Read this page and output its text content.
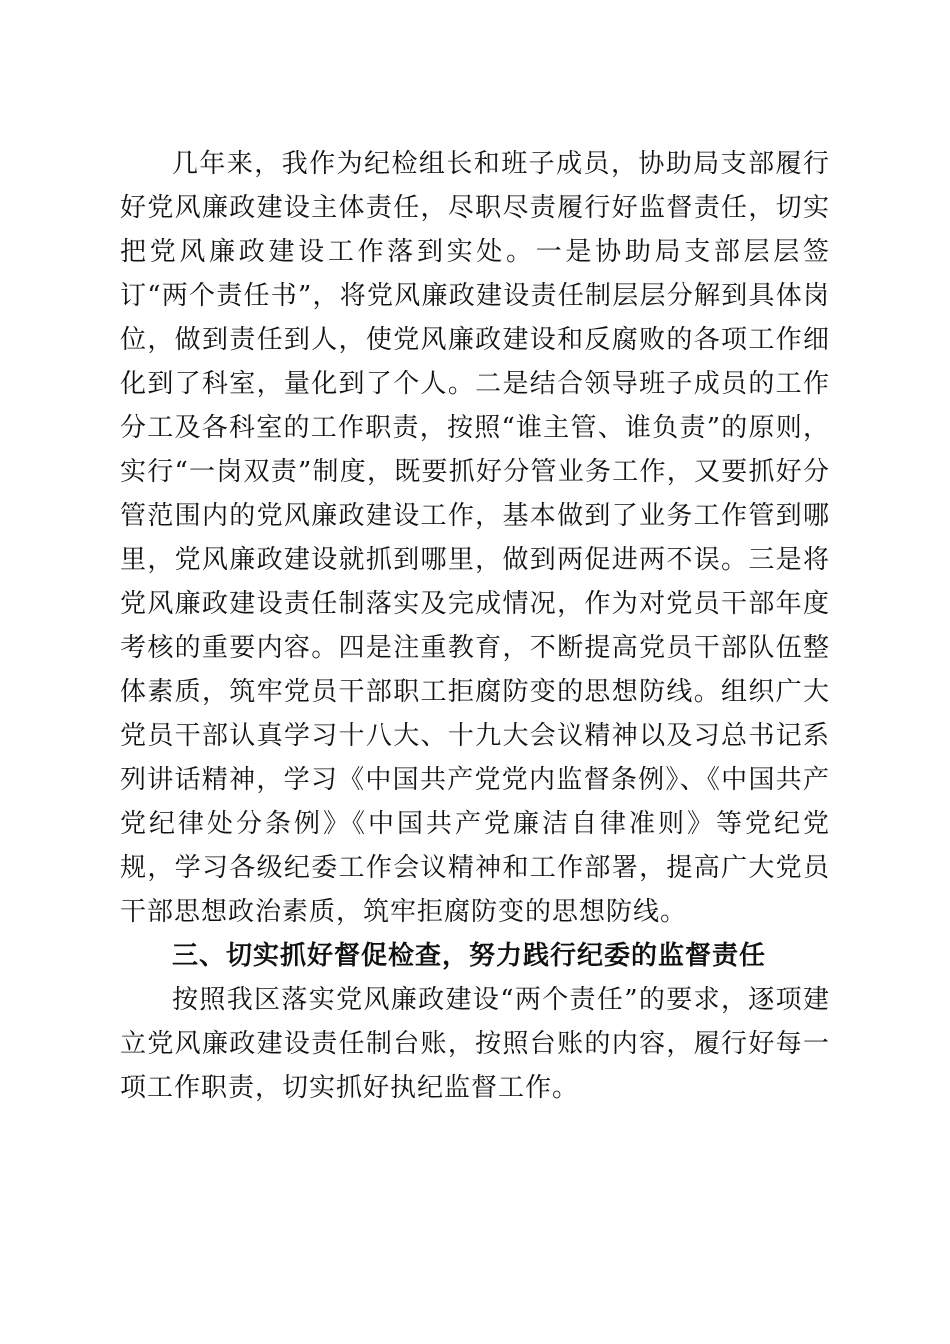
几年来，我作为纪检组长和班子成员，协助局支部履行好党风廉政建设主体责任，尽职尽责履行好监督责任，切实把党风廉政建设工作落到实处。一是协助局支部层层签订“两个责任书”，将党风廉政建设责任制层层分解到具体岗位，做到责任到人，使党风廉政建设和反腐败的各项工作细化到了科室，量化到了个人。二是结合领导班子成员的工作分工及各科室的工作职责，按照“谁主管、谁负责”的原则，实行“一岗双责”制度，既要抓好分管业务工作，又要抓好分管范围内的党风廉政建设工作，基本做到了业务工作管到哪里，党风廉政建设就抓到哪里，做到两促进两不误。三是将党风廉政建设责任制落实及完成情况，作为对党员干部年度考核的重要内容。四是注重教育，不断提高党员干部队伍整体素质，筑牢党员干部职工拒腐防变的思想防线。组织广大党员干部认真学习十八大、十九大会议精神以及习总书记系列讲话精神，学习《中国共产党党内监督条例》、《中国共产党纪律处分条例》《中国共产党廉洁自律准则》等党纪党规，学习各级纪委工作会议精神和工作部署，提高广大党员干部思想政治素质，筑牢拒腐防变的思想防线。

三、切实抓好督促检查，努力践行纪委的监督责任

按照我区落实党风廉政建设“两个责任”的要求，逐项建立党风廉政建设责任制台账，按照台账的内容，履行好每一项工作职责，切实抓好执纪监督工作。
